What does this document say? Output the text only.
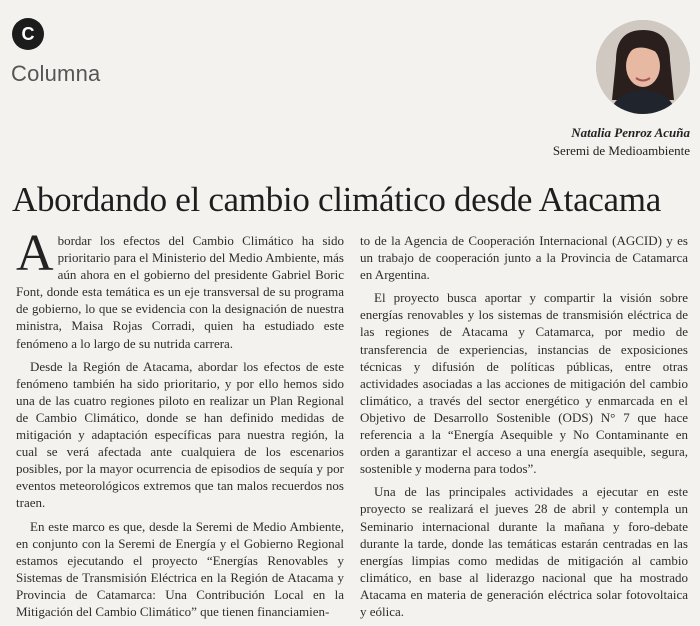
C
Columna
Natalia Penroz Acuña
Seremi de Medioambiente
Abordando el cambio climático desde Atacama

Abordar los efectos del Cambio Climático ha sido prioritario para el Ministerio del Medio Ambiente, más aún ahora en el gobierno del presidente Gabriel Boric Font, donde esta temática es un eje transversal de su programa de gobierno, lo que se evidencia con la designación de nuestra ministra, Maisa Rojas Corradi, quien ha estudiado este fenómeno a lo largo de su nutrida carrera.

Desde la Región de Atacama, abordar los efectos de este fenómeno también ha sido prioritario, y por ello hemos sido una de las cuatro regiones piloto en realizar un Plan Regional de Cambio Climático, donde se han definido medidas de mitigación y adaptación específicas para nuestra región, la cual se verá afectada ante cualquiera de los escenarios posibles, por la mayor ocurrencia de episodios de sequía y por eventos meteorológicos extremos que tan malos recuerdos nos traen.

En este marco es que, desde la Seremi de Medio Ambiente, en conjunto con la Seremi de Energía y el Gobierno Regional estamos ejecutando el proyecto “Energías Renovables y Sistemas de Transmisión Eléctrica en la Región de Atacama y Provincia de Catamarca: Una Contribución Local en la Mitigación del Cambio Climático” que tienen financiamien-

to de la Agencia de Cooperación Internacional (AGCID) y es un trabajo de cooperación junto a la Provincia de Catamarca en Argentina.

El proyecto busca aportar y compartir la visión sobre energías renovables y los sistemas de transmisión eléctrica de las regiones de Atacama y Catamarca, por medio de transferencia de experiencias, instancias de exposiciones técnicas y difusión de políticas públicas, entre otras actividades asociadas a las acciones de mitigación del cambio climático, a través del sector energético y enmarcada en el Objetivo de Desarrollo Sostenible (ODS) N° 7 que hace referencia a la “Energía Asequible y No Contaminante en orden a garantizar el acceso a una energía asequible, segura, sostenible y moderna para todos”.

Una de las principales actividades a ejecutar en este proyecto se realizará el jueves 28 de abril y contempla un Seminario internacional durante la mañana y foro-debate durante la tarde, donde las temáticas estarán centradas en las energías limpias como medidas de mitigación al cambio climático, en base al liderazgo nacional que ha mostrado Atacama en materia de generación eléctrica solar fotovoltaica y eólica.
